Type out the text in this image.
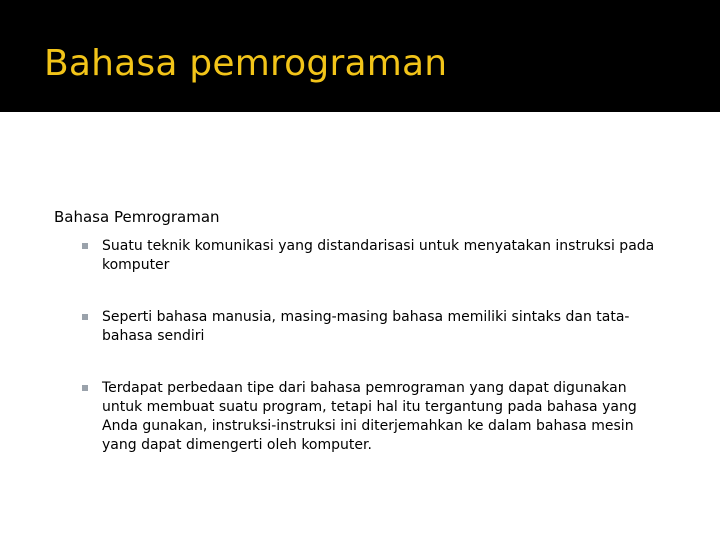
Bahasa pemrograman
Bahasa Pemrograman
Suatu teknik komunikasi yang distandarisasi untuk menyatakan instruksi pada komputer
Seperti bahasa manusia, masing-masing bahasa memiliki sintaks dan tata-bahasa sendiri
Terdapat perbedaan tipe dari bahasa pemrograman yang dapat digunakan untuk membuat suatu program, tetapi hal itu tergantung pada bahasa yang Anda gunakan, instruksi-instruksi ini diterjemahkan ke dalam bahasa mesin yang dapat dimengerti oleh komputer.
